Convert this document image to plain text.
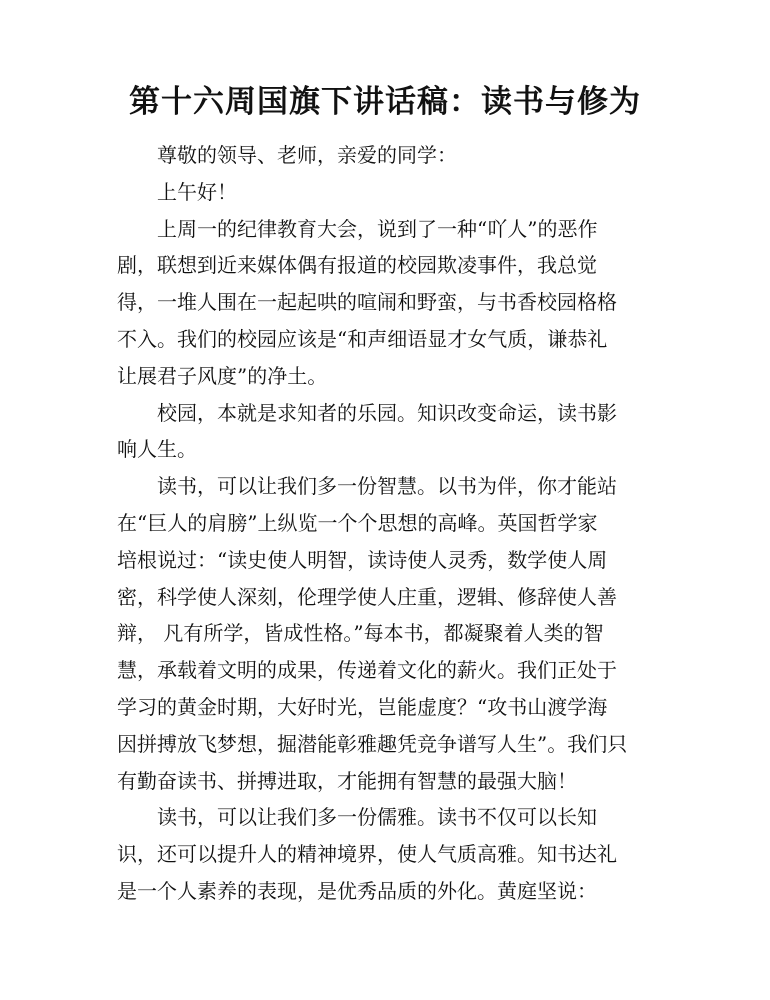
第十六周国旗下讲话稿：读书与修为
尊敬的领导、老师，亲爱的同学：
上午好！
上周一的纪律教育大会，说到了一种“吖人”的恶作
剧，联想到近来媒体偶有报道的校园欺凌事件，我总觉
得，一堆人围在一起起哄的喧闹和野蛮，与书香校园格格
不入。我们的校园应该是“和声细语显才女气质，谦恭礼
让展君子风度”的净土。
校园，本就是求知者的乐园。知识改变命运，读书影
响人生。
读书，可以让我们多一份智慧。以书为伴，你才能站
在“巨人的肩膀”上纵览一个个思想的高峰。英国哲学家
培根说过：“读史使人明智，读诗使人灵秀，数学使人周
密，科学使人深刻，伦理学使人庄重，逻辑、修辞使人善
辩， 凡有所学，皆成性格。”每本书，都凝聚着人类的智
慧，承载着文明的成果，传递着文化的薪火。我们正处于
学习的黄金时期，大好时光，岂能虚度？“攻书山渡学海
因拼搏放飞梦想，掘潜能彰雅趣凭竞争谱写人生”。我们只
有勤奋读书、拼搏进取，才能拥有智慧的最强大脑！
读书，可以让我们多一份儒雅。读书不仅可以长知
识，还可以提升人的精神境界，使人气质高雅。知书达礼
是一个人素养的表现，是优秀品质的外化。黄庭坚说：
